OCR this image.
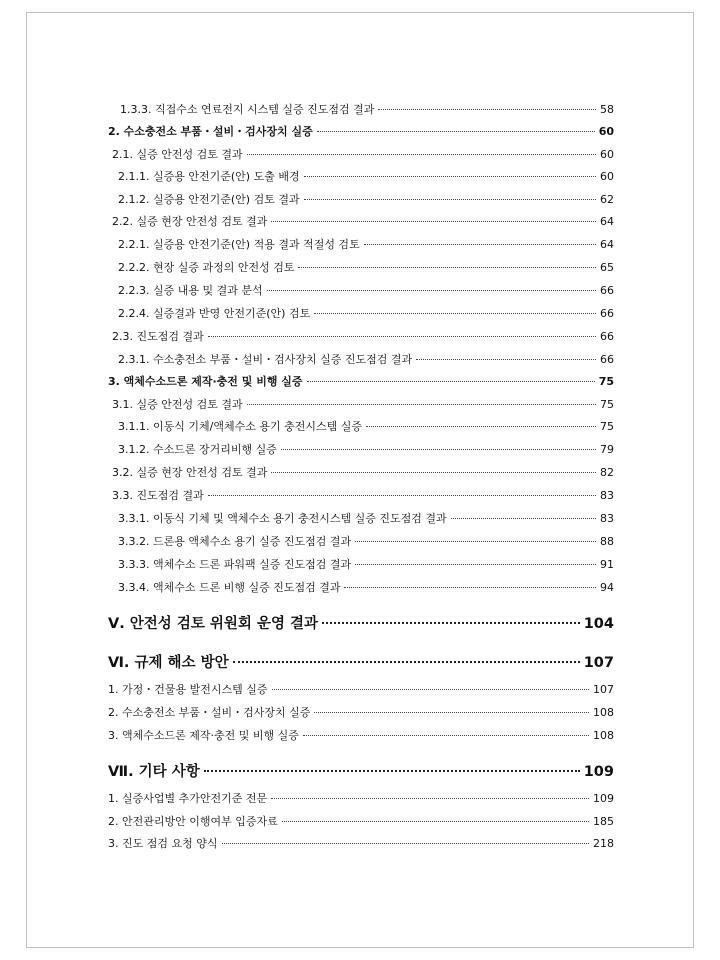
1.3.3. 직접수소 연료전지 시스템 실증 진도점검 결과	58
2. 수소충전소 부품・설비・검사장치 실증	60
2.1. 실증 안전성 검토 결과	60
2.1.1. 실증용 안전기준(안) 도출 배경	60
2.1.2. 실증용 안전기준(안) 검토 결과	62
2.2. 실증 현장 안전성 검토 결과	64
2.2.1. 실증용 안전기준(안) 적용 결과 적절성 검토	64
2.2.2. 현장 실증 과정의 안전성 검토	65
2.2.3. 실증 내용 및 결과 분석	66
2.2.4. 실증결과 반영 안전기준(안) 검토	66
2.3. 진도점검 결과	66
2.3.1. 수소충전소 부품・설비・검사장치 실증 진도점검 결과	66
3. 액체수소드론 제작·충전 및 비행 실증	75
3.1. 실증 안전성 검토 결과	75
3.1.1. 이동식 기체/액체수소 용기 충전시스템 실증	75
3.1.2. 수소드론 장거리비행 실증	79
3.2. 실증 현장 안전성 검토 결과	82
3.3. 진도점검 결과	83
3.3.1. 이동식 기체 및 액체수소 용기 충전시스템 실증 진도점검 결과	83
3.3.2. 드론용 액체수소 용기 실증 진도점검 결과	88
3.3.3. 액체수소 드론 파워팩 실증 진도점검 결과	91
3.3.4. 액체수소 드론 비행 실증 진도점검 결과	94
Ⅴ. 안전성 검토 위원회 운영 결과	104
Ⅵ. 규제 해소 방안	107
1. 가정・건물용 발전시스템 실증	107
2. 수소충전소 부품・설비・검사장치 실증	108
3. 액체수소드론 제작·충전 및 비행 실증	108
Ⅶ. 기타 사항	109
1. 실증사업별 추가안전기준 전문	109
2. 안전관리방안 이행여부 입증자료	185
3. 진도 점검 요청 양식	218
